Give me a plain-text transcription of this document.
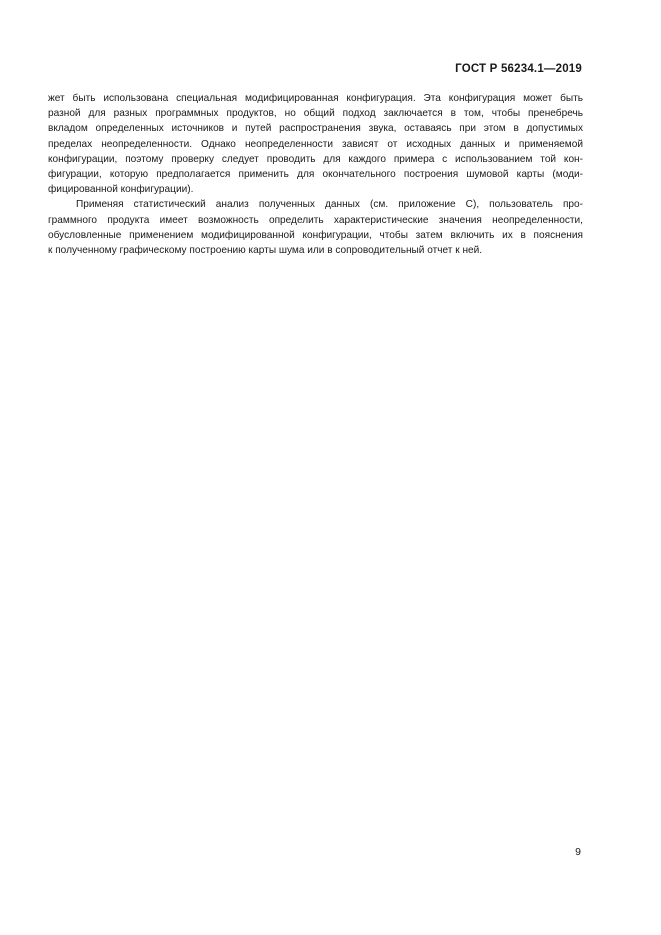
ГОСТ Р 56234.1—2019
жет быть использована специальная модифицированная конфигурация. Эта конфигурация может быть
разной для разных программных продуктов, но общий подход заключается в том, чтобы пренебречь
вкладом определенных источников и путей распространения звука, оставаясь при этом в допустимых
пределах неопределенности. Однако неопределенности зависят от исходных данных и применяемой
конфигурации, поэтому проверку следует проводить для каждого примера с использованием той кон-
фигурации, которую предполагается применить для окончательного построения шумовой карты (моди-
фицированной конфигурации).
Применяя статистический анализ полученных данных (см. приложение С), пользователь про-
граммного продукта имеет возможность определить характеристические значения неопределенности,
обусловленные применением модифицированной конфигурации, чтобы затем включить их в пояснения
к полученному графическому построению карты шума или в сопроводительный отчет к ней.
9
